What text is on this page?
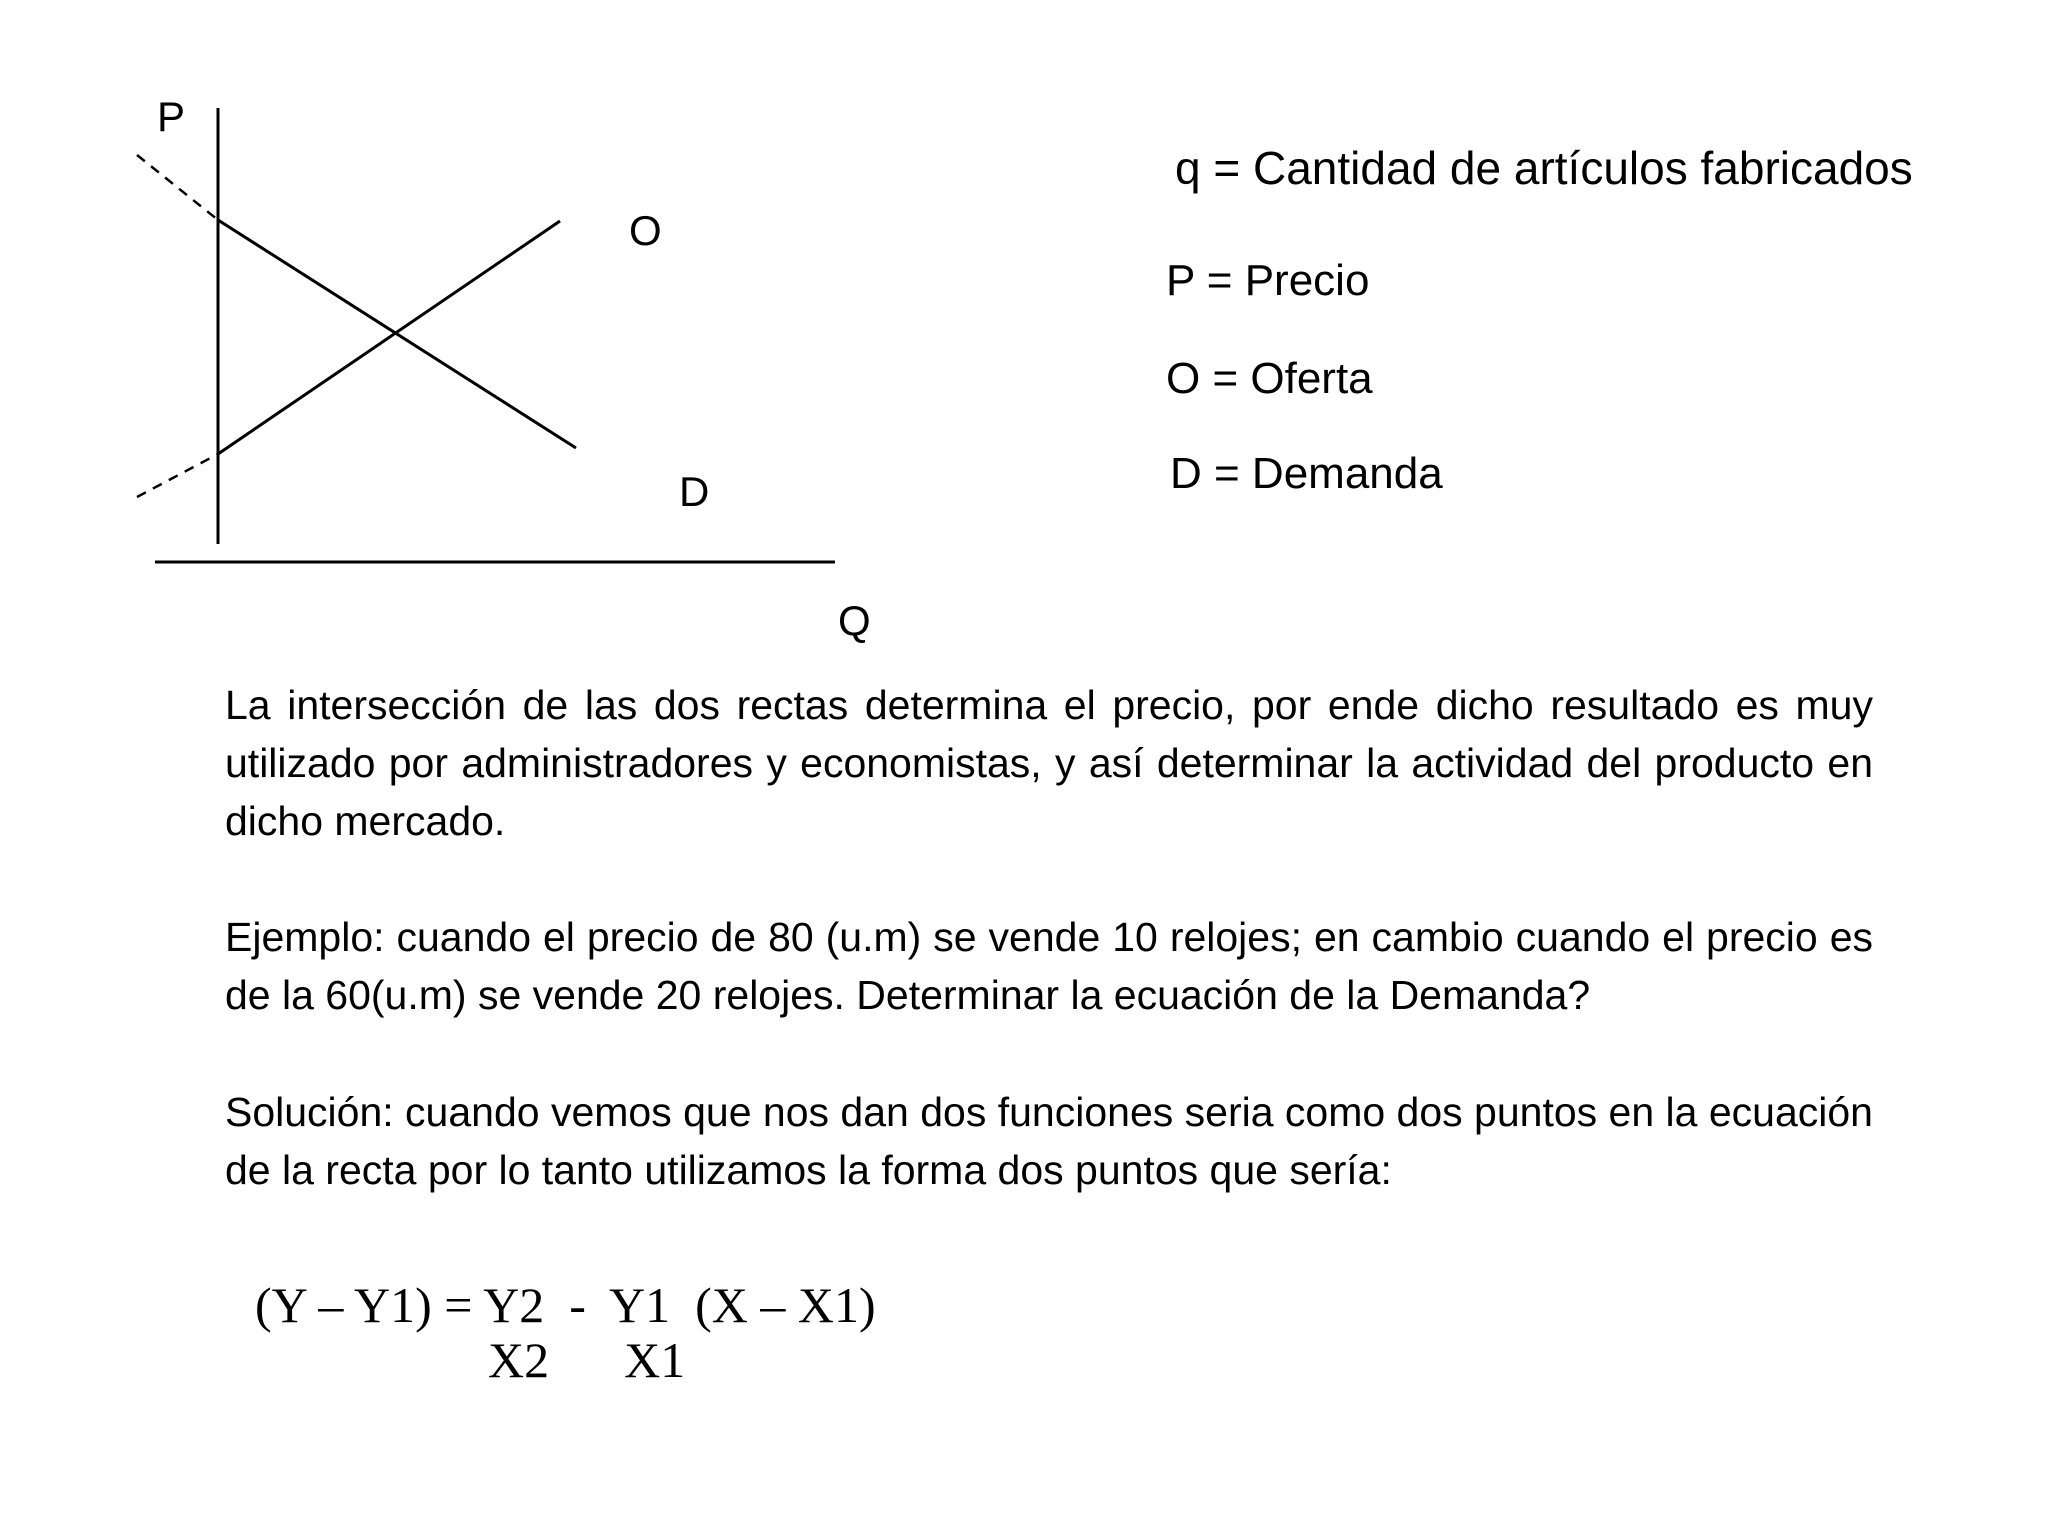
P
Q
O
D
q = Cantidad de artículos fabricados
P = Precio
O = Oferta
D = Demanda
La intersección de las dos rectas determina el precio, por ende dicho resultado es muy utilizado por administradores y economistas, y así determinar la actividad del producto en dicho mercado.
Ejemplo: cuando el precio de 80 (u.m) se vende 10 relojes; en cambio cuando el precio es de la 60(u.m) se vende 20 relojes. Determinar la ecuación de la Demanda?
Solución: cuando vemos que nos dan dos funciones seria como dos puntos en la ecuación de la recta por lo tanto utilizamos la forma dos puntos que sería:
(Y – Y1) = Y2  -  Y1  (X – X1)
X2      X1
